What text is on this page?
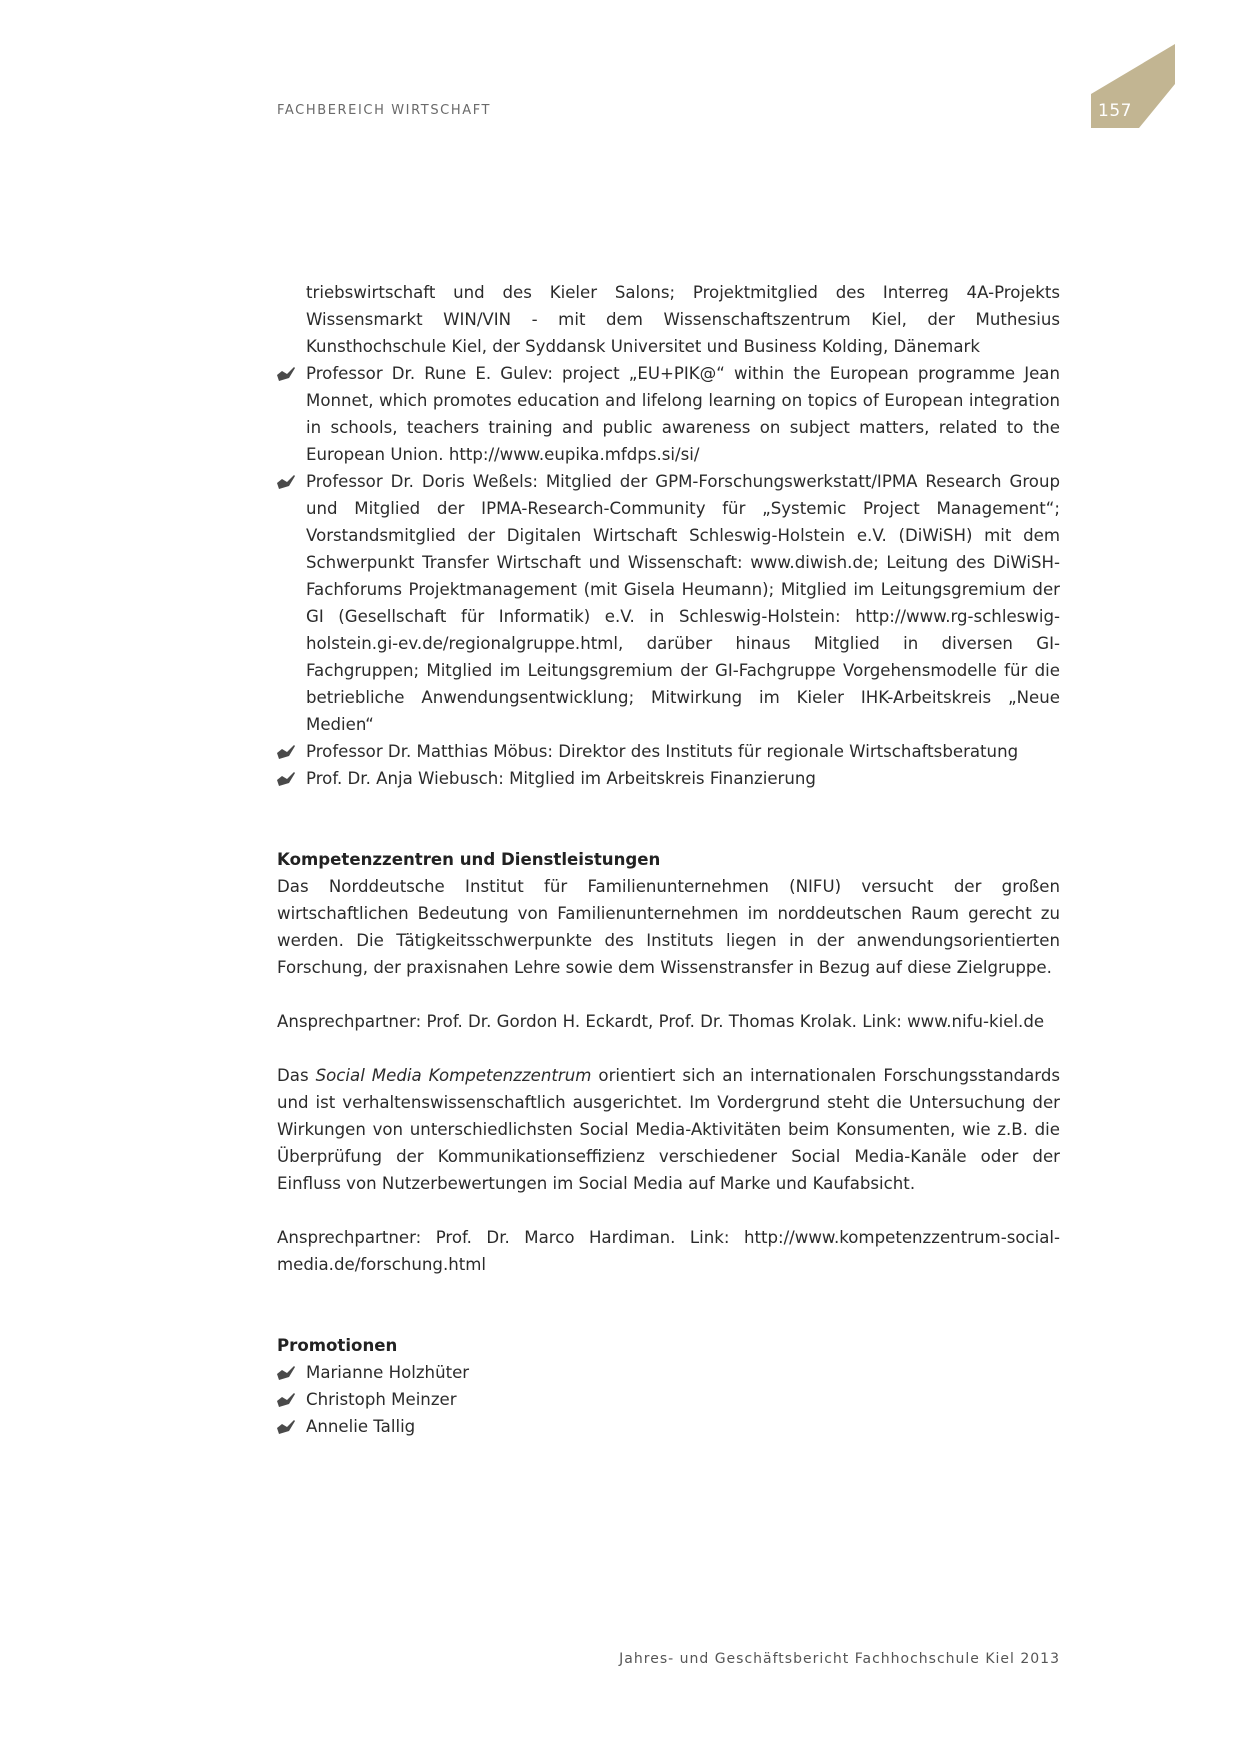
FACHBEREICH WIRTSCHAFT	157

triebswirtschaft und des Kieler Salons; Projektmitglied des Interreg 4A-Projekts Wissensmarkt WIN/VIN - mit dem Wissenschaftszentrum Kiel, der Muthesius Kunsthochschule Kiel, der Syddansk Universitet und Business Kolding, Dänemark

Professor Dr. Rune E. Gulev: project „EU+PIK@“ within the European programme Jean Monnet, which promotes education and lifelong learning on topics of European integration in schools, teachers training and public awareness on subject matters, related to the European Union. http://www.eupika.mfdps.si/si/
Professor Dr. Doris Weßels: Mitglied der GPM-Forschungswerkstatt/IPMA Research Group und Mitglied der IPMA-Research-Community für „Systemic Project Management“; Vorstandsmitglied der Digitalen Wirtschaft Schleswig-Holstein e.V. (DiWiSH) mit dem Schwerpunkt Transfer Wirtschaft und Wissenschaft: www.diwish.de; Leitung des DiWiSH-Fachforums Projektmanagement (mit Gisela Heumann); Mitglied im Leitungsgremium der GI (Gesellschaft für Informatik) e.V. in Schleswig-Holstein: http://www.rg-schleswig-holstein.gi-ev.de/regionalgruppe.html, darüber hinaus Mitglied in diversen GI-Fachgruppen; Mitglied im Leitungsgremium der GI-Fachgruppe Vorgehensmodelle für die betriebliche Anwendungsentwicklung; Mitwirkung im Kieler IHK-Arbeitskreis „Neue Medien“
Professor Dr. Matthias Möbus: Direktor des Instituts für regionale Wirtschaftsberatung
Prof. Dr. Anja Wiebusch: Mitglied im Arbeitskreis Finanzierung
Kompetenzzentren und Dienstleistungen

Das Norddeutsche Institut für Familienunternehmen (NIFU) versucht der großen wirtschaftlichen Bedeutung von Familienunternehmen im norddeutschen Raum gerecht zu werden. Die Tätigkeitsschwerpunkte des Instituts liegen in der anwendungsorientierten Forschung, der praxisnahen Lehre sowie dem Wissenstransfer in Bezug auf diese Zielgruppe.

Ansprechpartner: Prof. Dr. Gordon H. Eckardt, Prof. Dr. Thomas Krolak. Link: www.nifu-kiel.de

Das Social Media Kompetenzzentrum orientiert sich an internationalen Forschungsstandards und ist verhaltenswissenschaftlich ausgerichtet. Im Vordergrund steht die Untersuchung der Wirkungen von unterschiedlichsten Social Media-Aktivitäten beim Konsumenten, wie z.B. die Überprüfung der Kommunikationseffizienz verschiedener Social Media-Kanäle oder der Einfluss von Nutzerbewertungen im Social Media auf Marke und Kaufabsicht.

Ansprechpartner: Prof. Dr. Marco Hardiman. Link: http://www.kompetenzzentrum-social-media.de/forschung.html

Promotionen
Marianne Holzhüter
Christoph Meinzer
Annelie Tallig
Jahres- und Geschäftsbericht Fachhochschule Kiel 2013
